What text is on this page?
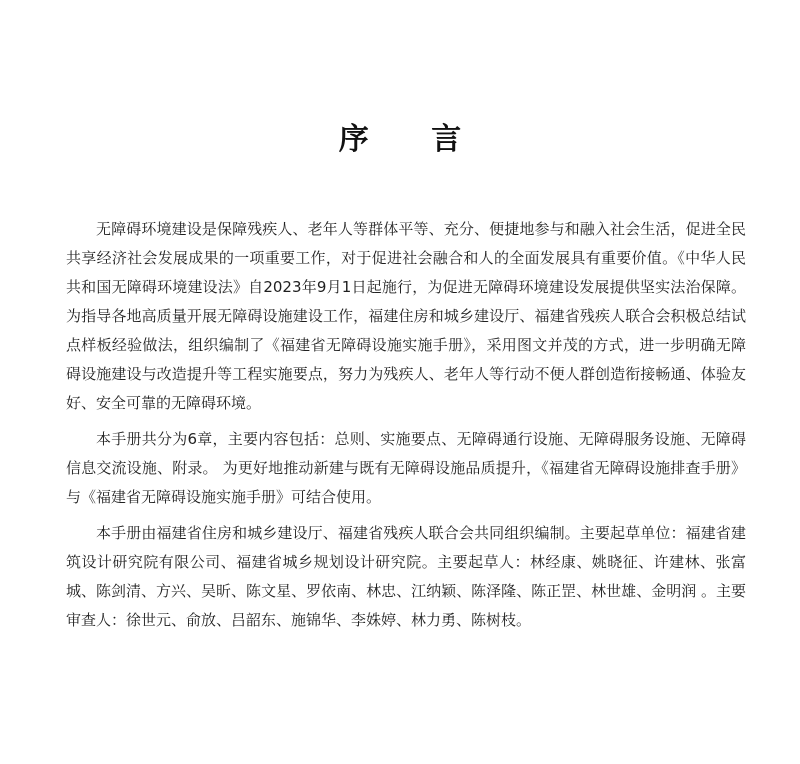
序 言

无障碍环境建设是保障残疾人、老年人等群体平等、充分、便捷地参与和融入社会生活，促进全民共享经济社会发展成果的一项重要工作，对于促进社会融合和人的全面发展具有重要价值。《中华人民共和国无障碍环境建设法》自2023年9月1日起施行，为促进无障碍环境建设发展提供坚实法治保障。为指导各地高质量开展无障碍设施建设工作，福建住房和城乡建设厅、福建省残疾人联合会积极总结试点样板经验做法，组织编制了《福建省无障碍设施实施手册》，采用图文并茂的方式，进一步明确无障碍设施建设与改造提升等工程实施要点，努力为残疾人、老年人等行动不便人群创造衔接畅通、体验友好、安全可靠的无障碍环境。

本手册共分为6章，主要内容包括：总则、实施要点、无障碍通行设施、无障碍服务设施、无障碍信息交流设施、附录。 为更好地推动新建与既有无障碍设施品质提升，《福建省无障碍设施排查手册》与《福建省无障碍设施实施手册》可结合使用。

本手册由福建省住房和城乡建设厅、福建省残疾人联合会共同组织编制。主要起草单位：福建省建筑设计研究院有限公司、福建省城乡规划设计研究院。主要起草人：林经康、姚晓征、许建林、张富城、陈剑清、方兴、吴昕、陈文星、罗依南、林忠、江纳颖、陈泽隆、陈正罡、林世雄、金明润 。主要审查人：徐世元、俞放、吕韶东、施锦华、李姝婷、林力勇、陈树枝。
